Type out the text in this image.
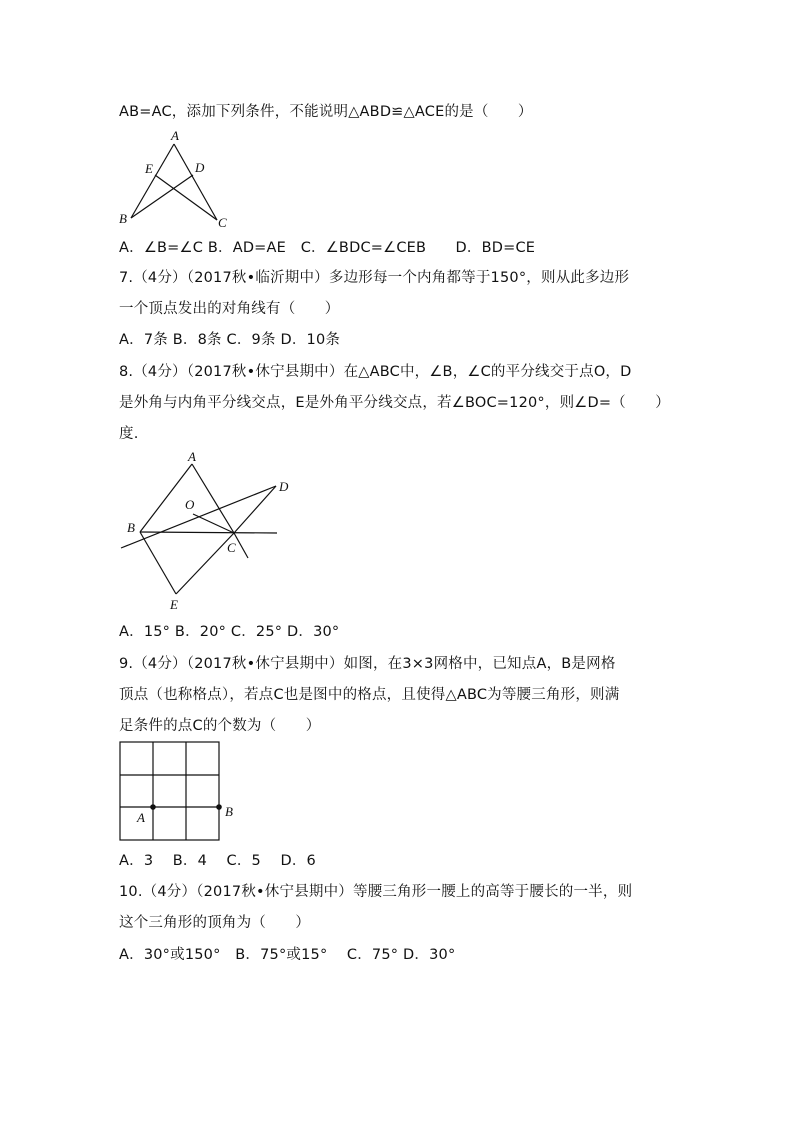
AB=AC，添加下列条件，不能说明△ABD≌△ACE的是（　　）
A
E	D
B	C
A．∠B=∠C B．AD=AE　C．∠BDC=∠CEB　　D．BD=CE
7.（4分）（2017秋•临沂期中）多边形每一个内角都等于150°，则从此多边形
一个顶点发出的对角线有（　　）
A．7条 B．8条 C．9条 D．10条
8.（4分）（2017秋•休宁县期中）在△ABC中，∠B，∠C的平分线交于点O，D
是外角与内角平分线交点，E是外角平分线交点，若∠BOC=120°，则∠D=（　　）
度.
A
D
O
B
C
E
A．15° B．20° C．25° D．30°
9.（4分）（2017秋•休宁县期中）如图，在3×3网格中，已知点A，B是网格
顶点（也称格点），若点C也是图中的格点，且使得△ABC为等腰三角形，则满
足条件的点C的个数为（　　）
A	B
A．3　 B．4　 C．5　 D．6
10.（4分）（2017秋•休宁县期中）等腰三角形一腰上的高等于腰长的一半，则
这个三角形的顶角为（　　）
A．30°或150°　B．75°或15°　 C．75° D．30°
